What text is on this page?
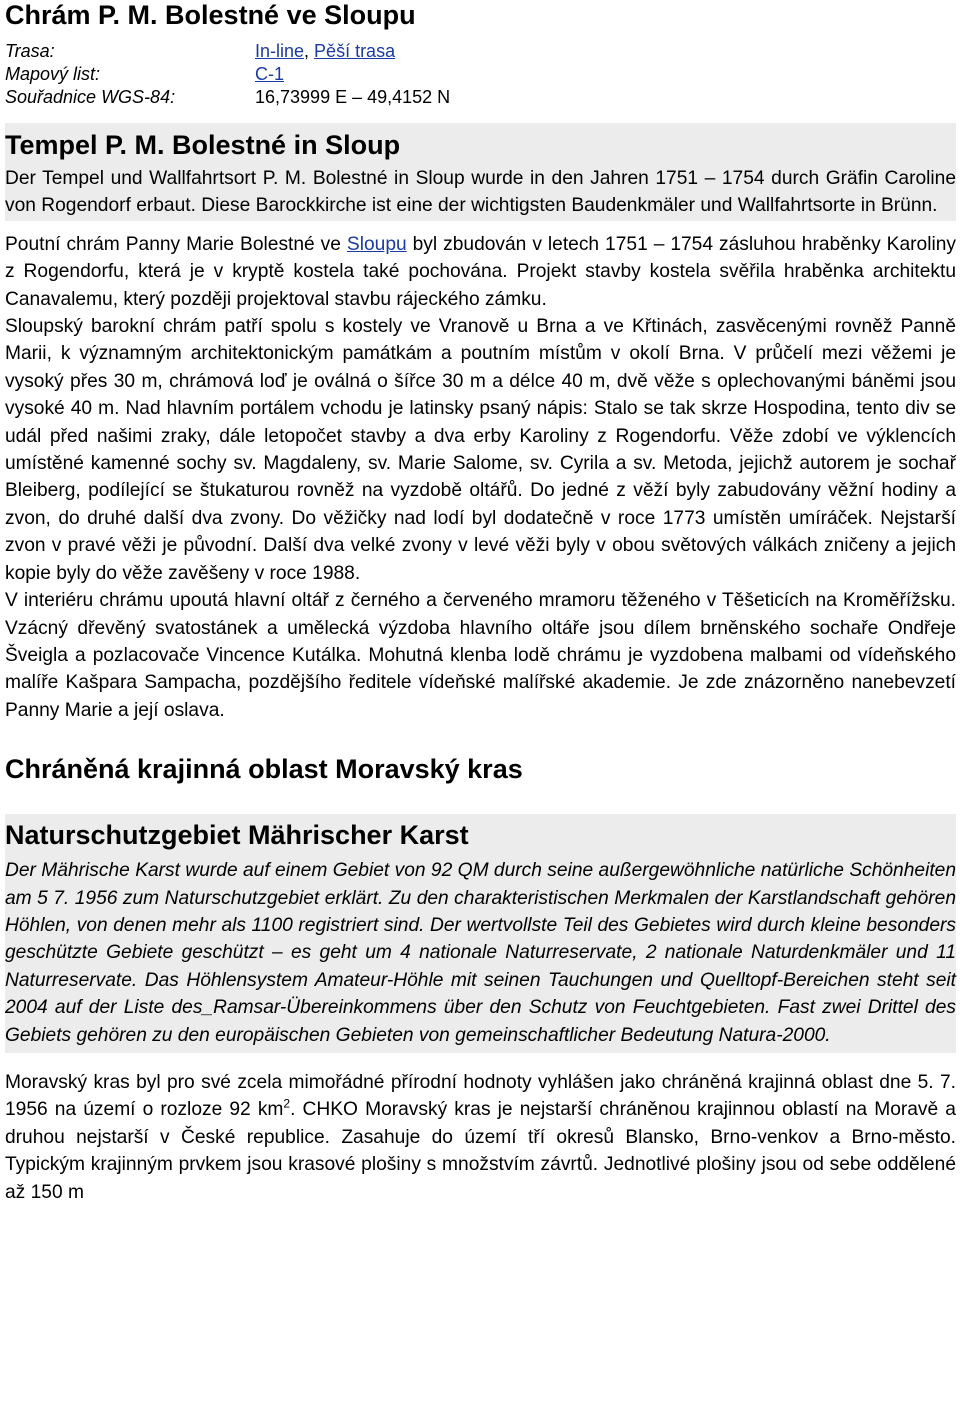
Chrám P. M. Bolestné ve Sloupu
Trasa:	In-line, Pěší trasa
Mapový list:	C-1
Souřadnice WGS-84:	16,73999 E – 49,4152 N
Tempel P. M. Bolestné in Sloup
Der Tempel und Wallfahrtsort P. M. Bolestné in Sloup wurde in den Jahren 1751 – 1754 durch Gräfin Caroline von Rogendorf erbaut. Diese Barockkirche ist eine der wichtigsten Baudenkmäler und Wallfahrtsorte in Brünn.

Poutní chrám Panny Marie Bolestné ve Sloupu byl zbudován v letech 1751 – 1754 zásluhou hraběnky Karoliny z Rogendorfu, která je v kryptě kostela také pochována. Projekt stavby kostela svěřila hraběnka architektu Canavalemu, který později projektoval stavbu rájeckého zámku.

Sloupský barokní chrám patří spolu s kostely ve Vranově u Brna a ve Křtinách, zasvěcenými rovněž Panně Marii, k významným architektonickým památkám a poutním místům v okolí Brna. V průčelí mezi věžemi je vysoký přes 30 m, chrámová loď je oválná o šířce 30 m a délce 40 m, dvě věže s oplechovanými báněmi jsou vysoké 40 m. Nad hlavním portálem vchodu je latinsky psaný nápis: Stalo se tak skrze Hospodina, tento div se udál před našimi zraky, dále letopočet stavby a dva erby Karoliny z Rogendorfu. Věže zdobí ve výklencích umístěné kamenné sochy sv. Magdaleny, sv. Marie Salome, sv. Cyrila a sv. Metoda, jejichž autorem je sochař Bleiberg, podílející se štukaturou rovněž na vyzdobě oltářů. Do jedné z věží byly zabudovány věžní hodiny a zvon, do druhé další dva zvony. Do věžičky nad lodí byl dodatečně v roce 1773 umístěn umíráček. Nejstarší zvon v pravé věži je původní. Další dva velké zvony v levé věži byly v obou světových válkách zničeny a jejich kopie byly do věže zavěšeny v roce 1988.

V interiéru chrámu upoutá hlavní oltář z černého a červeného mramoru těženého v Těšeticích na Kroměřížsku. Vzácný dřevěný svatostánek a umělecká výzdoba hlavního oltáře jsou dílem brněnského sochaře Ondřeje Šveigla a pozlacovače Vincence Kutálka. Mohutná klenba lodě chrámu je vyzdobena malbami od vídeňského malíře Kašpara Sampacha, pozdějšího ředitele vídeňské malířské akademie. Je zde znázorněno nanebevzetí Panny Marie a její oslava.

Chráněná krajinná oblast Moravský kras
Naturschutzgebiet Mährischer Karst
Der Mährische Karst wurde auf einem Gebiet von 92 QM durch seine außergewöhnliche natürliche Schönheiten am 5 7. 1956 zum Naturschutzgebiet erklärt. Zu den charakteristischen Merkmalen der Karstlandschaft gehören Höhlen, von denen mehr als 1100 registriert sind. Der wertvollste Teil des Gebietes wird durch kleine besonders geschützte Gebiete geschützt – es geht um 4 nationale Naturreservate, 2 nationale Naturdenkmäler und 11 Naturreservate. Das Höhlensystem Amateur-Höhle mit seinen Tauchungen und Quelltopf-Bereichen steht seit 2004 auf der Liste des_Ramsar-Übereinkommens über den Schutz von Feuchtgebieten. Fast zwei Drittel des Gebiets gehören zu den europäischen Gebieten von gemeinschaftlicher Bedeutung Natura-2000.

Moravský kras byl pro své zcela mimořádné přírodní hodnoty vyhlášen jako chráněná krajinná oblast dne 5. 7. 1956 na území o rozloze 92 $km^2$. CHKO Moravský kras je nejstarší chráněnou krajinnou oblastí na Moravě a druhou nejstarší v České republice. Zasahuje do území tří okresů Blansko, Brno-venkov a Brno-město. Typickým krajinným prvkem jsou krasové plošiny s množstvím závrtů. Jednotlivé plošiny jsou od sebe oddělené až 150 m
